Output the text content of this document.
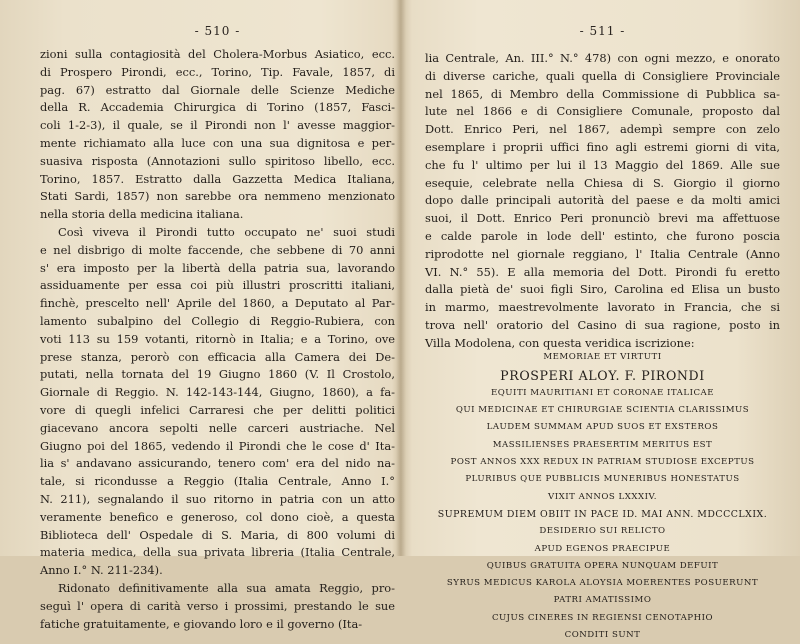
- 510 -
zioni sulla contagiosità del Cholera-Morbus Asiatico, ecc.
di Prospero Pirondi, ecc., Torino, Tip. Favale, 1857, di
pag. 67) estratto dal Giornale delle Scienze Mediche
della R. Accademia Chirurgica di Torino (1857, Fasci-
coli 1-2-3), il quale, se il Pirondi non l' avesse maggior-
mente richiamato alla luce con una sua dignitosa e per-
suasiva risposta (Annotazioni sullo spiritoso libello, ecc.
Torino, 1857. Estratto dalla Gazzetta Medica Italiana,
Stati Sardi, 1857) non sarebbe ora nemmeno menzionato
nella storia della medicina italiana.
Così viveva il Pirondi tutto occupato ne' suoi studi
e nel disbrigo di molte faccende, che sebbene di 70 anni
s' era imposto per la libertà della patria sua, lavorando
assiduamente per essa coi più illustri proscritti italiani,
finchè, prescelto nell' Aprile del 1860, a Deputato al Par-
lamento subalpino del Collegio di Reggio-Rubiera, con
voti 113 su 159 votanti, ritornò in Italia; e a Torino, ove
prese stanza, perorò con efficacia alla Camera dei De-
putati, nella tornata del 19 Giugno 1860 (V. Il Crostolo,
Giornale di Reggio. N. 142-143-144, Giugno, 1860), a fa-
vore di quegli infelici Carraresi che per delitti politici
giacevano ancora sepolti nelle carceri austriache. Nel
Giugno poi del 1865, vedendo il Pirondi che le cose d' Ita-
lia s' andavano assicurando, tenero com' era del nido na-
tale, si ricondusse a Reggio (Italia Centrale, Anno I.°
N. 211), segnalando il suo ritorno in patria con un atto
veramente benefico e generoso, col dono cioè, a questa
Biblioteca dell' Ospedale di S. Maria, di 800 volumi di
materia medica, della sua privata libreria (Italia Centrale,
Anno I.° N. 211-234).
Ridonato definitivamente alla sua amata Reggio, pro-
seguì l' opera di carità verso i prossimi, prestando le sue
fatiche gratuitamente, e giovando loro e il governo (Ita-
- 511 -
lia Centrale, An. III.° N.° 478) con ogni mezzo, e onorato
di diverse cariche, quali quella di Consigliere Provinciale
nel 1865, di Membro della Commissione di Pubblica sa-
lute nel 1866 e di Consigliere Comunale, proposto dal
Dott. Enrico Peri, nel 1867, adempì sempre con zelo
esemplare i proprii uffici fino agli estremi giorni di vita,
che fu l' ultimo per lui il 13 Maggio del 1869. Alle sue
esequie, celebrate nella Chiesa di S. Giorgio il giorno
dopo dalle principali autorità del paese e da molti amici
suoi, il Dott. Enrico Peri pronunciò brevi ma affettuose
e calde parole in lode dell' estinto, che furono poscia
riprodotte nel giornale reggiano, l' Italia Centrale (Anno
VI. N.° 55). E alla memoria del Dott. Pirondi fu eretto
dalla pietà de' suoi figli Siro, Carolina ed Elisa un busto
in marmo, maestrevolmente lavorato in Francia, che si
trova nell' oratorio del Casino di sua ragione, posto in
Villa Modolena, con questa veridica iscrizione:
MEMORIAE ET VIRTUTI
PROSPERI ALOY. F. PIRONDI
EQUITI MAURITIANI ET CORONAE ITALICAE
QUI MEDICINAE ET CHIRURGIAE SCIENTIA CLARISSIMUS
LAUDEM SUMMAM APUD SUOS ET EXSTEROS
MASSILIENSES PRAESERTIM MERITUS EST
POST ANNOS XXX REDUX IN PATRIAM STUDIOSE EXCEPTUS
PLURIBUS QUE PUBBLICIS MUNERIBUS HONESTATUS
VIXIT ANNOS LXXXIV.
SUPREMUM DIEM OBIIT IN PACE ID. MAI ANN. MDCCCLXIX.
DESIDERIO SUI RELICTO
APUD EGENOS PRAECIPUE
QUIBUS GRATUITA OPERA NUNQUAM DEFUIT
SYRUS MEDICUS KAROLA ALOYSIA MOERENTES POSUERUNT
PATRI AMATISSIMO
CUJUS CINERES IN REGIENSI CENOTAPHIO
CONDITI SUNT
